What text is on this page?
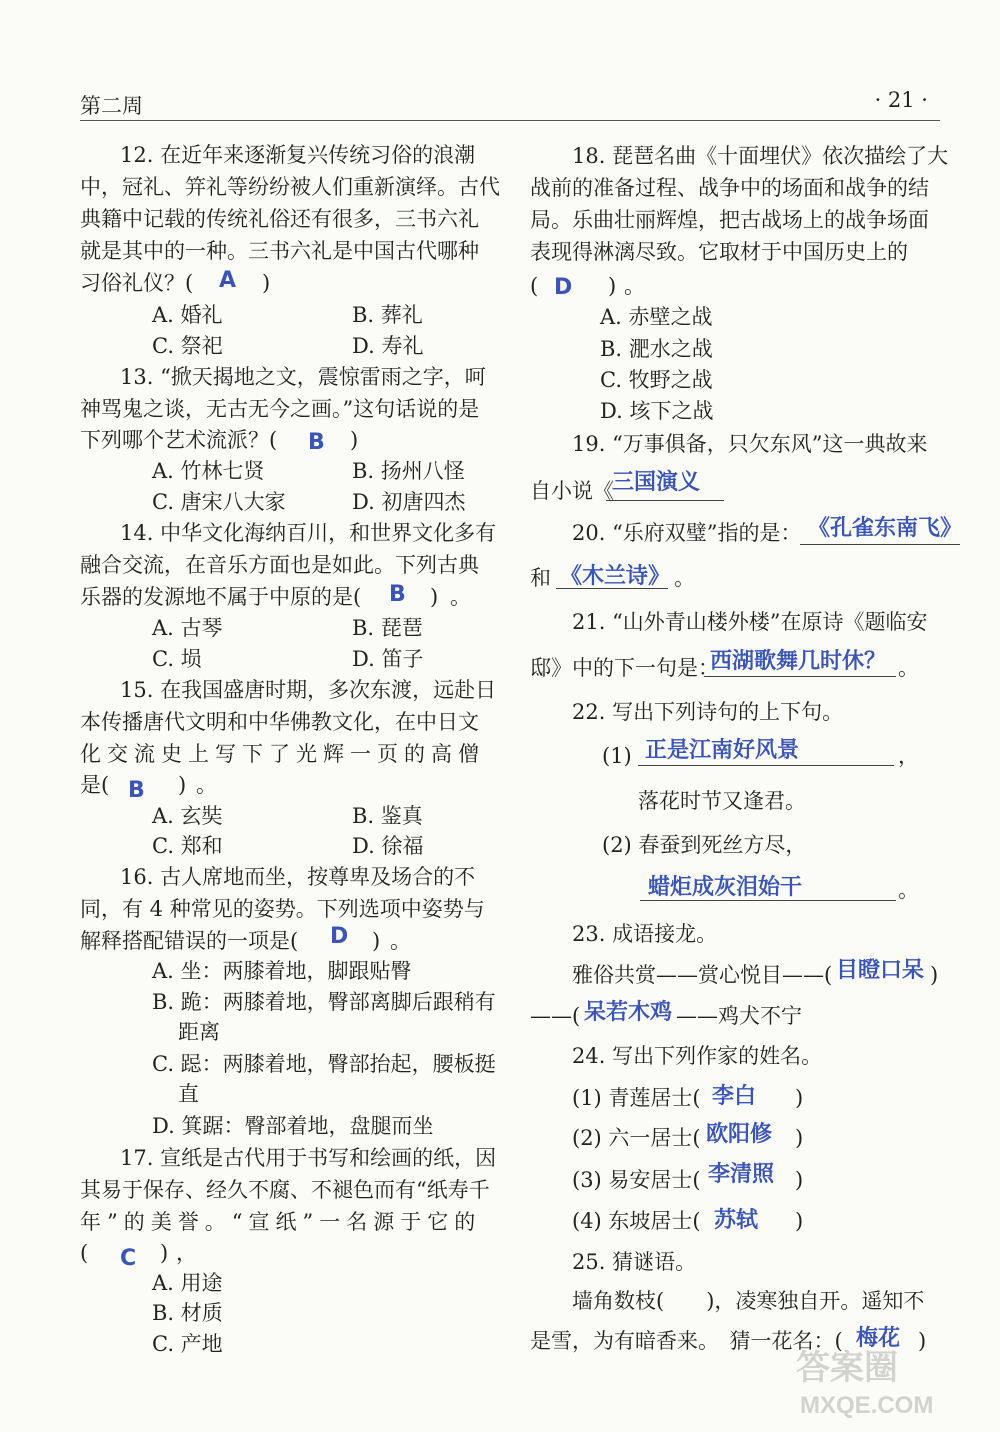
第二周	· 21 ·
12. 在近年来逐渐复兴传统习俗的浪潮
中，冠礼、笄礼等纷纷被人们重新演绎。古代
典籍中记载的传统礼俗还有很多，三书六礼
就是其中的一种。三书六礼是中国古代哪种
习俗礼仪？( A )
A. 婚礼	B. 葬礼
C. 祭祀	D. 寿礼
13. “掀天揭地之文，震惊雷雨之字，呵
神骂鬼之谈，无古无今之画。”这句话说的是
下列哪个艺术流派？( B )
A. 竹林七贤	B. 扬州八怪
C. 唐宋八大家	D. 初唐四杰
14. 中华文化海纳百川，和世界文化多有
融合交流，在音乐方面也是如此。下列古典
乐器的发源地不属于中原的是( B ) 。
A. 古琴	B. 琵琶
C. 埙	D. 笛子
15. 在我国盛唐时期，多次东渡，远赴日
本传播唐代文明和中华佛教文化，在中日文
化交流史上写下了光辉一页的高僧
是( B ) 。
A. 玄奘	B. 鉴真
C. 郑和	D. 徐福
16. 古人席地而坐，按尊卑及场合的不
同，有 4 种常见的姿势。下列选项中姿势与
解释搭配错误的一项是( D ) 。
A. 坐：两膝着地，脚跟贴臀
B. 跪：两膝着地，臀部离脚后跟稍有
距离
C. 跽：两膝着地，臀部抬起，腰板挺
直
D. 箕踞：臀部着地，盘腿而坐
17. 宣纸是古代用于书写和绘画的纸，因
其易于保存、经久不腐、不褪色而有“纸寿千
年”的美誉。“宣纸”一名源于它的
( C ) ，
A. 用途
B. 材质
C. 产地
18. 琵琶名曲《十面埋伏》依次描绘了大
战前的准备过程、战争中的场面和战争的结
局。乐曲壮丽辉煌，把古战场上的战争场面
表现得淋漓尽致。它取材于中国历史上的
( D ) 。
A. 赤壁之战
B. 淝水之战
C. 牧野之战
D. 垓下之战
19. “万事俱备，只欠东风”这一典故来
自小说《
三国演义
20. “乐府双璧”指的是： 《孔雀东南飞》
和 《木兰诗》 。
21. “山外青山楼外楼”在原诗《题临安
邸》中的下一句是：
西湖歌舞几时休？ 。
22. 写出下列诗句的上下句。
(1) 正是江南好风景	，
落花时节又逢君。
(2) 春蚕到死丝方尽，
蜡炬成灰泪始干	。
23. 成语接龙。
雅俗共赏——赏心悦目——( 目瞪口呆 )
——( 呆若木鸡 ——鸡犬不宁
24. 写出下列作家的姓名。
(1) 青莲居士( 李白 )
(2) 六一居士( 欧阳修 )
(3) 易安居士( 李清照 )
(4) 东坡居士( 苏轼 )
25. 猜谜语。
墙角数枝(　　)，凌寒独自开。遥知不
是雪，为有暗香来。　猜一花名：( 梅花 )
答案圈
MXQE.COM
